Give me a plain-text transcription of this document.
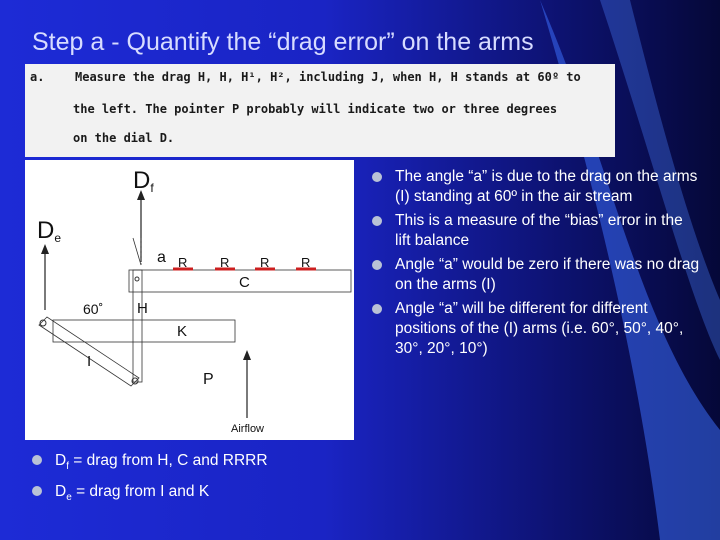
Step a - Quantify the “drag error” on the arms
a.	Measure the drag H, H, H¹, H², including J, when H, H stands at 60º to
the left. The pointer P probably will indicate two or three degrees
on the dial D.
Df
De
a
C
R	R R R
H
K
60˚
I
P
Airflow
The angle “a” is due to the drag on the arms (I) standing at 60º in the air stream
This is a measure of the “bias” error in the lift balance
Angle “a” would be zero if there was no drag on the arms (I)
Angle “a” will be different for different positions of the (I) arms (i.e. 60°, 50°, 40°, 30°, 20°, 10°)
$D_f$ = drag from H, C and RRRR
$D_e$ = drag from I and K
